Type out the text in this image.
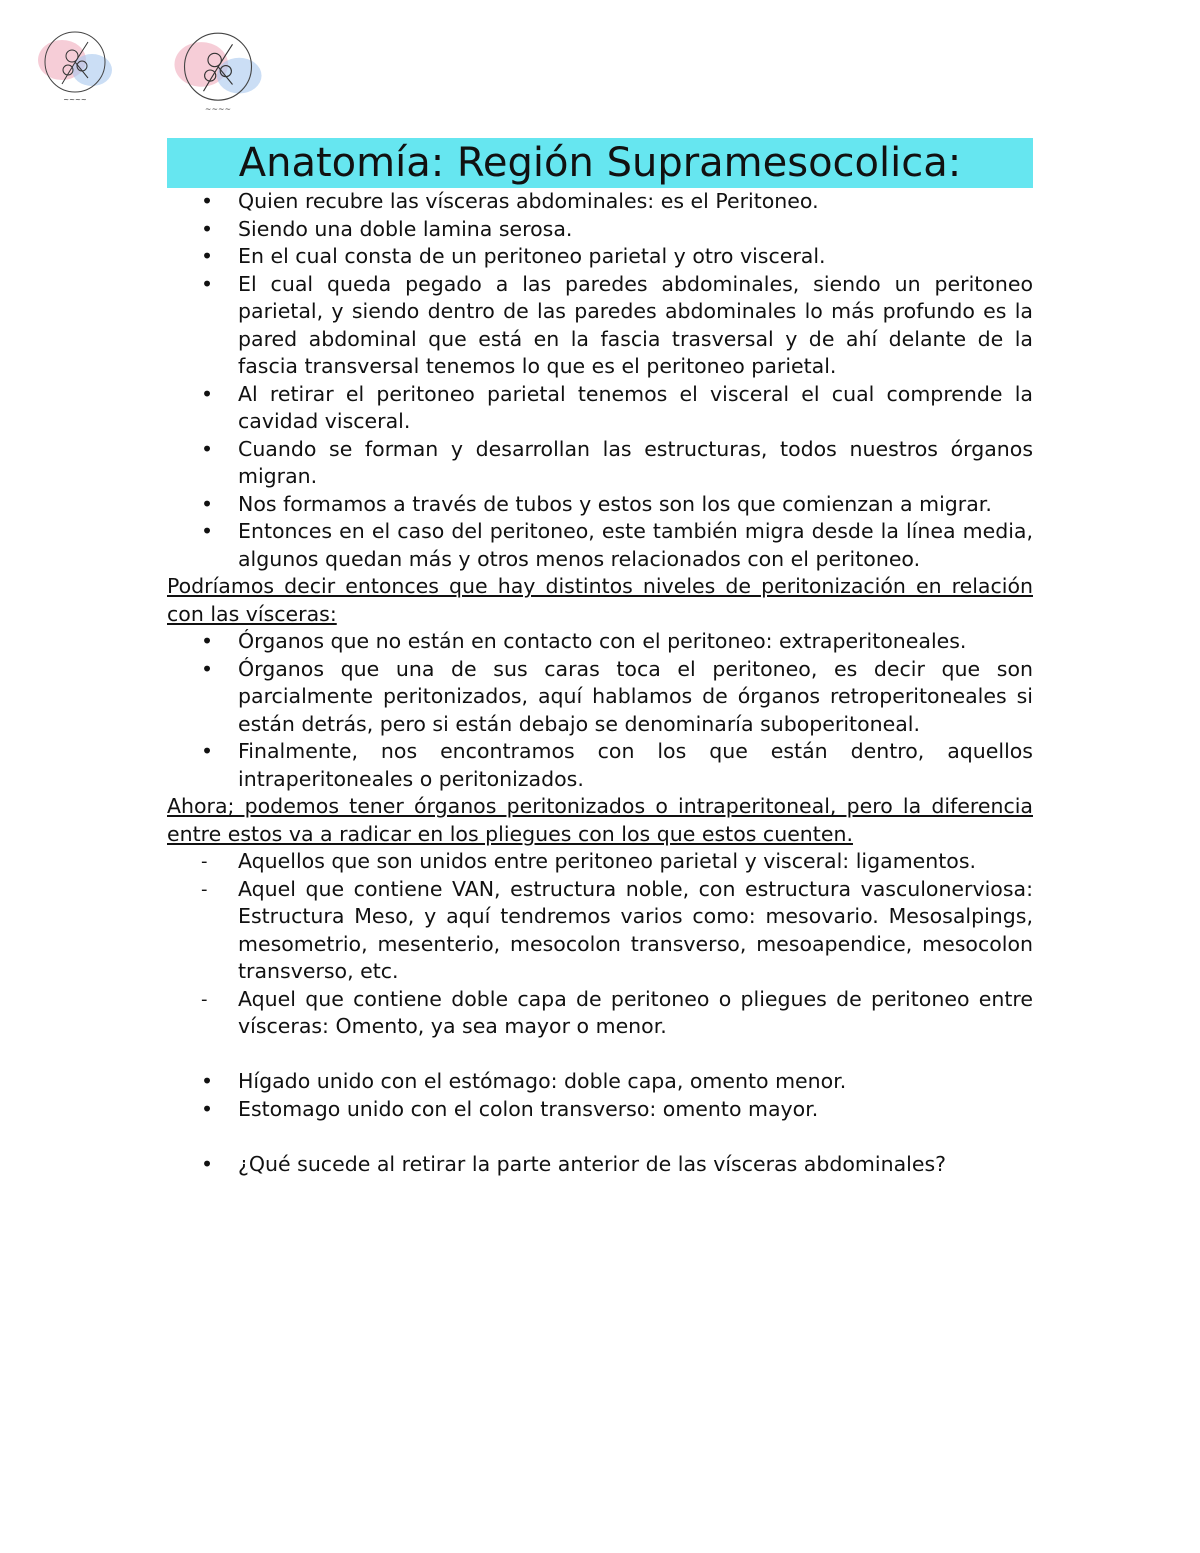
~~~~
~~~~
Anatomía: Región Supramesocolica:
•	Quien recubre las vísceras abdominales: es el Peritoneo.
•	Siendo una doble lamina serosa.
•	En el cual consta de un peritoneo parietal y otro visceral.
•	El cual queda pegado a las paredes abdominales, siendo un peritoneo parietal, y siendo dentro de las paredes abdominales lo más profundo es la pared abdominal que está en la fascia trasversal y de ahí delante de la fascia transversal tenemos lo que es el peritoneo parietal.
•	Al retirar el peritoneo parietal tenemos el visceral el cual comprende la cavidad visceral.
•	Cuando se forman y desarrollan las estructuras, todos nuestros órganos migran.
•	Nos formamos a través de tubos y estos son los que comienzan a migrar.
•	Entonces en el caso del peritoneo, este también migra desde la línea media, algunos quedan más y otros menos relacionados con el peritoneo.
Podríamos decir entonces que hay distintos niveles de peritonización en relación con las vísceras:
•	Órganos que no están en contacto con el peritoneo: extraperitoneales.
•	Órganos que una de sus caras toca el peritoneo, es decir que son parcialmente peritonizados, aquí hablamos de órganos retroperitoneales si están detrás, pero si están debajo se denominaría suboperitoneal.
•	Finalmente, nos encontramos con los que están dentro, aquellos intraperitoneales o peritonizados.
Ahora; podemos tener órganos peritonizados o intraperitoneal, pero la diferencia entre estos va a radicar en los pliegues con los que estos cuenten.
-	Aquellos que son unidos entre peritoneo parietal y visceral: ligamentos.
-	Aquel que contiene VAN, estructura noble, con estructura vasculonerviosa: Estructura Meso, y aquí tendremos varios como: mesovario. Mesosalpings, mesometrio, mesenterio, mesocolon transverso, mesoapendice, mesocolon transverso, etc.
-	Aquel que contiene doble capa de peritoneo o pliegues de peritoneo entre vísceras: Omento, ya sea mayor o menor.
•	Hígado unido con el estómago: doble capa, omento menor.
•	Estomago unido con el colon transverso: omento mayor.
•	¿Qué sucede al retirar la parte anterior de las vísceras abdominales?
